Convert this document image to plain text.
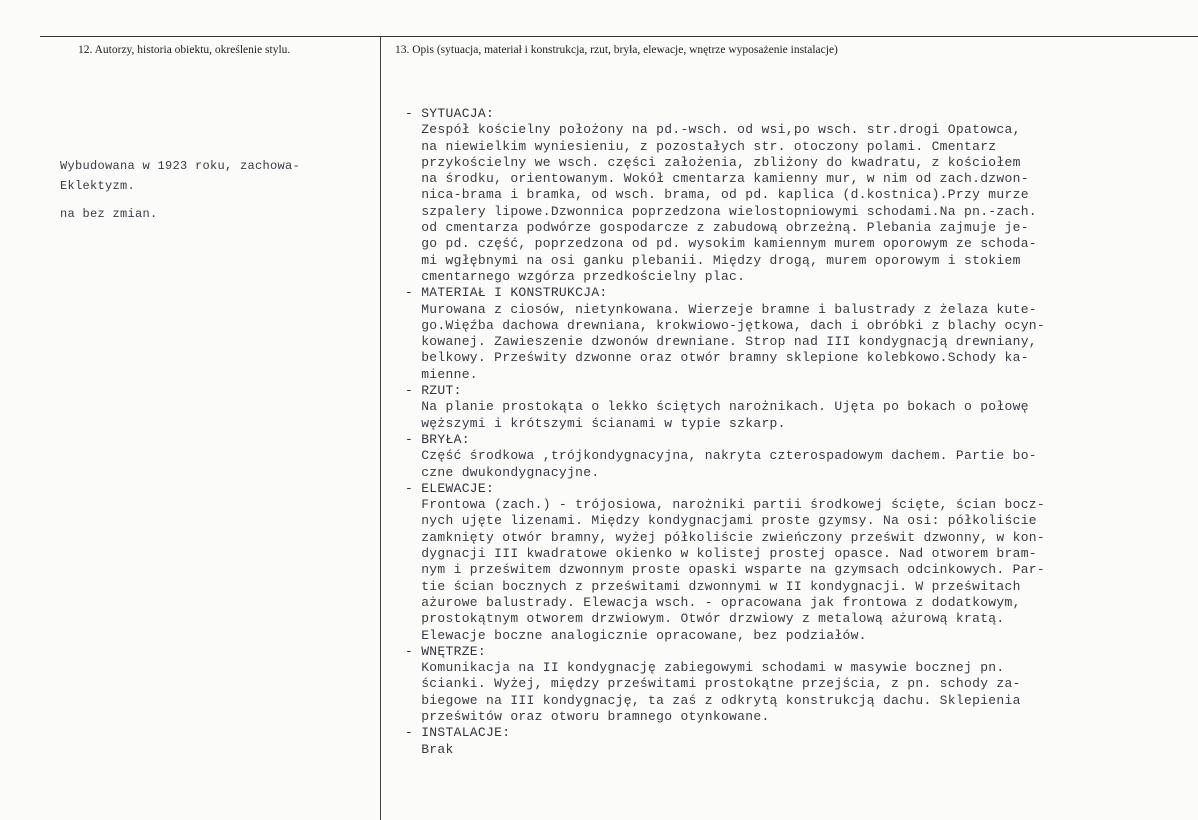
12. Autorzy, historia obiektu, określenie stylu.	13. Opis (sytuacja, materiał i konstrukcja, rzut, bryła, elewacje, wnętrze wyposażenie instalacje)

Wybudowana w 1923 roku, zachowa-

na bez zmian.

Eklektyzm.
- SYTUACJA:
Zespół kościelny położony na pd.-wsch. od wsi,po wsch. str.drogi Opatowca,
na niewielkim wyniesieniu, z pozostałych str. otoczony polami. Cmentarz
przykościelny we wsch. części założenia, zbliżony do kwadratu, z kościołem
na środku, orientowanym. Wokół cmentarza kamienny mur, w nim od zach.dzwon-
nica-brama i bramka, od wsch. brama, od pd. kaplica (d.kostnica).Przy murze
szpalery lipowe.Dzwonnica poprzedzona wielostopniowymi schodami.Na pn.-zach.
od cmentarza podwórze gospodarcze z zabudową obrzeżną. Plebania zajmuje je-
go pd. część, poprzedzona od pd. wysokim kamiennym murem oporowym ze schoda-
mi wgłębnymi na osi ganku plebanii. Między drogą, murem oporowym i stokiem
cmentarnego wzgórza przedkościelny plac.
- MATERIAŁ I KONSTRUKCJA:
Murowana z ciosów, nietynkowana. Wierzeje bramne i balustrady z żelaza kute-
go.Więźba dachowa drewniana, krokwiowo-jętkowa, dach i obróbki z blachy ocyn-
kowanej. Zawieszenie dzwonów drewniane. Strop nad III kondygnacją drewniany,
belkowy. Prześwity dzwonne oraz otwór bramny sklepione kolebkowo.Schody ka-
mienne.
- RZUT:
Na planie prostokąta o lekko ściętych narożnikach. Ujęta po bokach o połowę
węższymi i krótszymi ścianami w typie szkarp.
- BRYŁA:
Część środkowa ,trójkondygnacyjna, nakryta czterospadowym dachem. Partie bo-
czne dwukondygnacyjne.
- ELEWACJE:
Frontowa (zach.) - trójosiowa, narożniki partii środkowej ścięte, ścian bocz-
nych ujęte lizenami. Między kondygnacjami proste gzymsy. Na osi: półkoliście
zamknięty otwór bramny, wyżej półkoliście zwieńczony prześwit dzwonny, w kon-
dygnacji III kwadratowe okienko w kolistej prostej opasce. Nad otworem bram-
nym i prześwitem dzwonnym proste opaski wsparte na gzymsach odcinkowych. Par-
tie ścian bocznych z prześwitami dzwonnymi w II kondygnacji. W prześwitach
ażurowe balustrady. Elewacja wsch. - opracowana jak frontowa z dodatkowym,
prostokątnym otworem drzwiowym. Otwór drzwiowy z metalową ażurową kratą.
Elewacje boczne analogicznie opracowane, bez podziałów.
- WNĘTRZE:
Komunikacja na II kondygnację zabiegowymi schodami w masywie bocznej pn.
ścianki. Wyżej, między prześwitami prostokątne przejścia, z pn. schody za-
biegowe na III kondygnację, ta zaś z odkrytą konstrukcją dachu. Sklepienia
prześwitów oraz otworu bramnego otynkowane.
- INSTALACJE:
Brak
